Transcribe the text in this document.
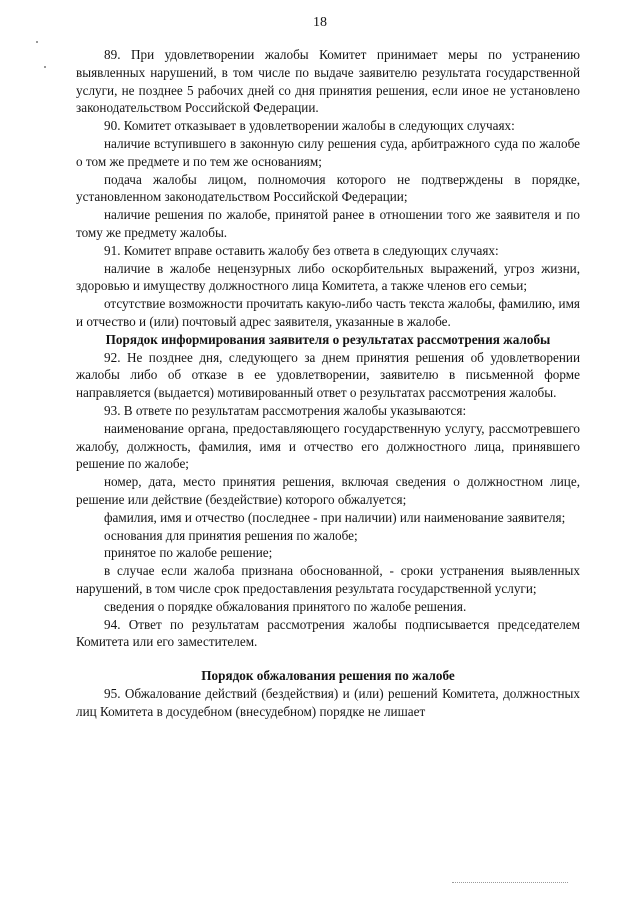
18

89. При удовлетворении жалобы Комитет принимает меры по устранению выявленных нарушений, в том числе по выдаче заявителю результата государственной услуги, не позднее 5 рабочих дней со дня принятия решения, если иное не установлено законодательством Российской Федерации.

90. Комитет отказывает в удовлетворении жалобы в следующих случаях:

наличие вступившего в законную силу решения суда, арбитражного суда по жалобе о том же предмете и по тем же основаниям;

подача жалобы лицом, полномочия которого не подтверждены в порядке, установленном законодательством Российской Федерации;

наличие решения по жалобе, принятой ранее в отношении того же заявителя и по тому же предмету жалобы.

91. Комитет вправе оставить жалобу без ответа в следующих случаях:

наличие в жалобе нецензурных либо оскорбительных выражений, угроз жизни, здоровью и имуществу должностного лица Комитета, а также членов его семьи;

отсутствие возможности прочитать какую-либо часть текста жалобы, фамилию, имя и отчество и (или) почтовый адрес заявителя, указанные в жалобе.

Порядок информирования заявителя о результатах рассмотрения жалобы

92. Не позднее дня, следующего за днем принятия решения об удовлетворении жалобы либо об отказе в ее удовлетворении, заявителю в письменной форме направляется (выдается) мотивированный ответ о результатах рассмотрения жалобы.

93. В ответе по результатам рассмотрения жалобы указываются:

наименование органа, предоставляющего государственную услугу, рассмотревшего жалобу, должность, фамилия, имя и отчество его должностного лица, принявшего решение по жалобе;

номер, дата, место принятия решения, включая сведения о должностном лице, решение или действие (бездействие) которого обжалуется;

фамилия, имя и отчество (последнее - при наличии) или наименование заявителя;

основания для принятия решения по жалобе;

принятое по жалобе решение;

в случае если жалоба признана обоснованной, - сроки устранения выявленных нарушений, в том числе срок предоставления результата государственной услуги;

сведения о порядке обжалования принятого по жалобе решения.

94. Ответ по результатам рассмотрения жалобы подписывается председателем Комитета или его заместителем.

Порядок обжалования решения по жалобе

95. Обжалование действий (бездействия) и (или) решений Комитета, должностных лиц Комитета в досудебном (внесудебном) порядке не лишает
